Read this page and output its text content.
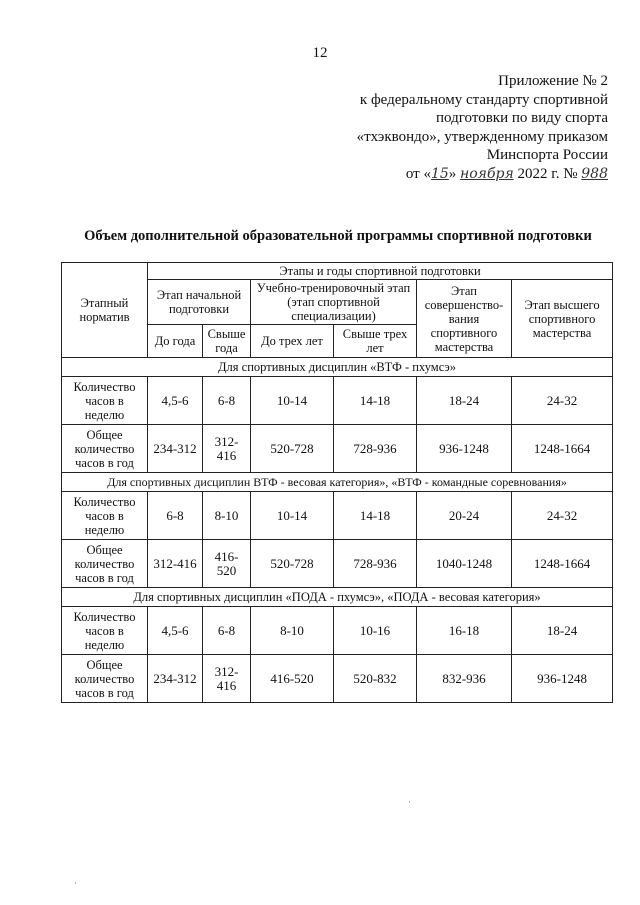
12
Приложение № 2
к федеральному стандарту спортивной
подготовки по виду спорта
«тхэквондо», утвержденному приказом
Минспорта России
от «15» ноября 2022 г. № 988
Объем дополнительной образовательной программы спортивной подготовки
Этапный норматив	Этапы и годы спортивной подготовки					
	Этап начальной подготовки		Учебно-тренировочный этап (этап спортивной специализации)		Этап совершенство-вания спортивного мастерства	Этап высшего спортивного мастерства
	До года	Свыше года	До трех лет	Свыше трех лет		
Для спортивных дисциплин «ВТФ - пхумсэ»						
Количество часов в неделю	4,5-6	6-8	10-14	14-18	18-24	24-32
Общее количество часов в год	234-312	312-416	520-728	728-936	936-1248	1248-1664
Для спортивных дисциплин ВТФ - весовая категория», «ВТФ - командные соревнования»						
Количество часов в неделю	6-8	8-10	10-14	14-18	20-24	24-32
Общее количество часов в год	312-416	416-520	520-728	728-936	1040-1248	1248-1664
Для спортивных дисциплин «ПОДА - пхумсэ», «ПОДА - весовая категория»						
Количество часов в неделю	4,5-6	6-8	8-10	10-16	16-18	18-24
Общее количество часов в год	234-312	312-416	416-520	520-832	832-936	936-1248
·
·
